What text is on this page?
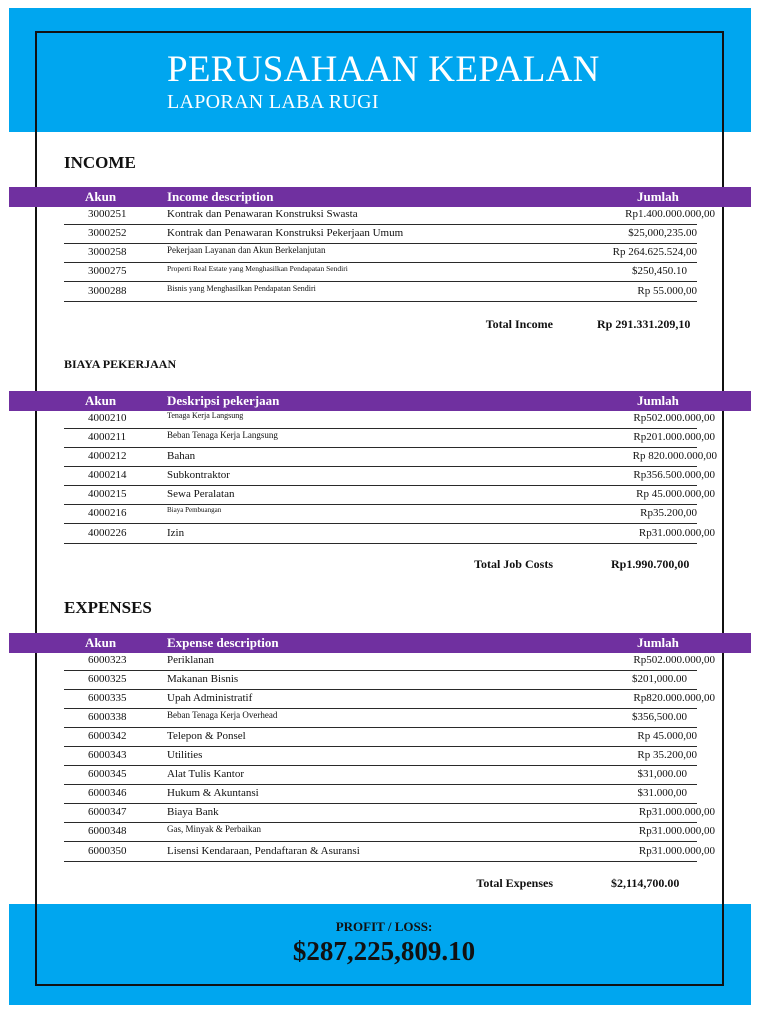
PERUSAHAAN KEPALAN
LAPORAN LABA RUGI
INCOME
Akun	Income description	Jumlah
3000251	Kontrak dan Penawaran Konstruksi Swasta	Rp1.400.000.000,00
3000252	Kontrak dan Penawaran Konstruksi Pekerjaan Umum	$25,000,235.00
3000258	Pekerjaan Layanan dan Akun Berkelanjutan	Rp 264.625.524,00
3000275	Properti Real Estate yang Menghasilkan Pendapatan Sendiri	$250,450.10
3000288	Bisnis yang Menghasilkan Pendapatan Sendiri	Rp 55.000,00
Total Income	Rp 291.331.209,10
BIAYA PEKERJAAN
Akun	Deskripsi pekerjaan	Jumlah
4000210	Tenaga Kerja Langsung	Rp502.000.000,00
4000211	Beban Tenaga Kerja Langsung	Rp201.000.000,00
4000212	Bahan	Rp 820.000.000,00
4000214	Subkontraktor	Rp356.500.000,00
4000215	Sewa Peralatan	Rp 45.000.000,00
4000216	Biaya Pembuangan	Rp35.200,00
4000226	Izin	Rp31.000.000,00
Total Job Costs	Rp1.990.700,00
EXPENSES
Akun	Expense description	Jumlah
6000323	Periklanan	Rp502.000.000,00
6000325	Makanan Bisnis	$201,000.00
6000335	Upah Administratif	Rp820.000.000,00
6000338	Beban Tenaga Kerja Overhead	$356,500.00
6000342	Telepon & Ponsel	Rp 45.000,00
6000343	Utilities	Rp 35.200,00
6000345	Alat Tulis Kantor	$31,000.00
6000346	Hukum & Akuntansi	$31.000,00
6000347	Biaya Bank	Rp31.000.000,00
6000348	Gas, Minyak & Perbaikan	Rp31.000.000,00
6000350	Lisensi Kendaraan, Pendaftaran & Asuransi	Rp31.000.000,00
Total Expenses	$2,114,700.00
PROFIT / LOSS:
$287,225,809.10
